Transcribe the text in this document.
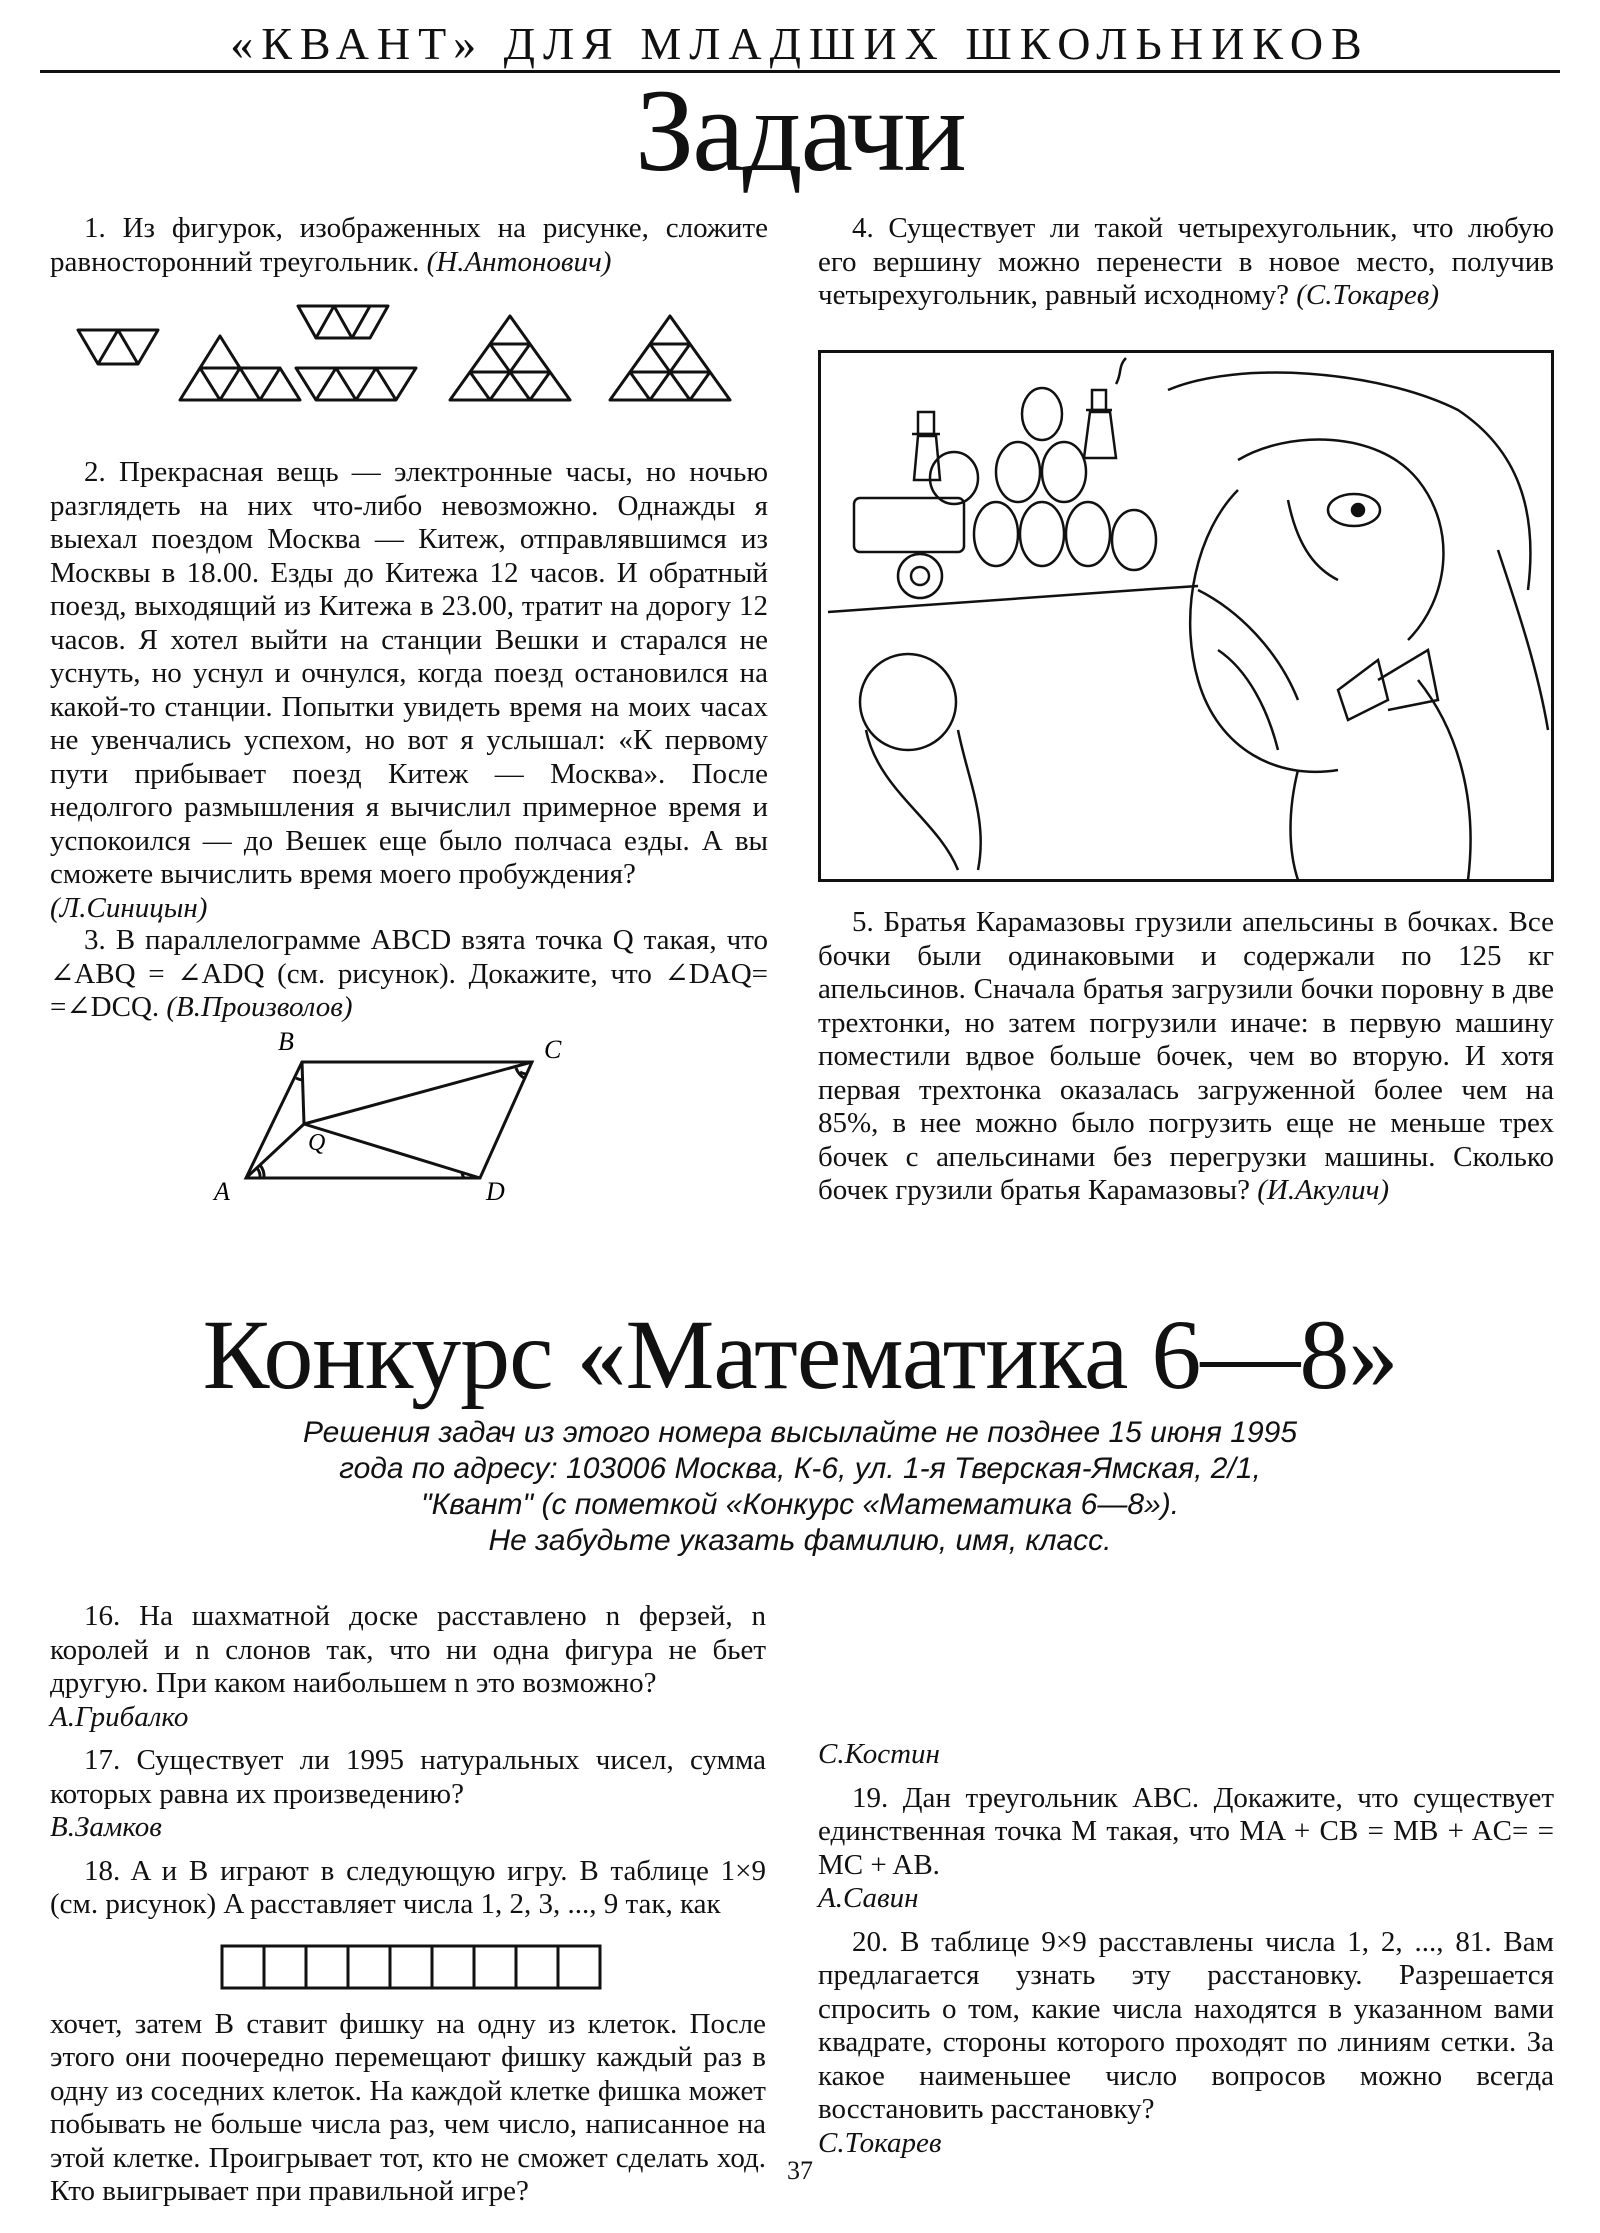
«КВАНТ» ДЛЯ МЛАДШИХ ШКОЛЬНИКОВ
Задачи

1. Из фигурок, изображенных на рисунке, сложите равносторонний треугольник. (Н.Антонович)

2. Прекрасная вещь — электронные часы, но ночью разглядеть на них что-либо невозможно. Однажды я выехал поездом Москва — Китеж, отправлявшимся из Москвы в 18.00. Езды до Китежа 12 часов. И обратный поезд, выходящий из Китежа в 23.00, тратит на дорогу 12 часов. Я хотел выйти на станции Вешки и старался не уснуть, но уснул и очнулся, когда поезд остановился на какой-то станции. Попытки увидеть время на моих часах не увенчались успехом, но вот я услышал: «К первому пути прибывает поезд Китеж — Москва». После недолгого размышления я вычислил примерное время и успокоился — до Вешек еще было полчаса езды. А вы сможете вычислить время моего пробуждения?

(Л.Синицын)

3. В параллелограмме ABCD взята точка Q такая, что ∠ABQ = ∠ADQ (см. рисунок). Докажите, что ∠DAQ= =∠DCQ. (В.Произволов)

B	C
A	D
Q

4. Существует ли такой четырехугольник, что любую его вершину можно перенести в новое место, получив четырехугольник, равный исходному? (С.Токарев)

5. Братья Карамазовы грузили апельсины в бочках. Все бочки были одинаковыми и содержали по 125 кг апельсинов. Сначала братья загрузили бочки поровну в две трехтонки, но затем погрузили иначе: в первую машину поместили вдвое больше бочек, чем во вторую. И хотя первая трехтонка оказалась загруженной более чем на 85%, в нее можно было погрузить еще не меньше трех бочек с апельсинами без перегрузки машины. Сколько бочек грузили братья Карамазовы? (И.Акулич)

Конкурс «Математика 6—8»
Решения задач из этого номера высылайте не позднее 15 июня 1995
года по адресу: 103006 Москва, К-6, ул. 1-я Тверская-Ямская, 2/1,
"Квант" (с пометкой «Конкурс «Математика 6—8»).
Не забудьте указать фамилию, имя, класс.

16. На шахматной доске расставлено n ферзей, n королей и n слонов так, что ни одна фигура не бьет другую. При каком наибольшем n это возможно?

А.Грибалко

17. Существует ли 1995 натуральных чисел, сумма которых равна их произведению?

В.Замков

18. A и B играют в следующую игру. В таблице 1×9 (см. рисунок) A расставляет числа 1, 2, 3, ..., 9 так, как

хочет, затем B ставит фишку на одну из клеток. После этого они поочередно перемещают фишку каждый раз в одну из соседних клеток. На каждой клетке фишка может побывать не больше числа раз, чем число, написанное на этой клетке. Проигрывает тот, кто не сможет сделать ход. Кто выигрывает при правильной игре?

С.Костин

19. Дан треугольник ABC. Докажите, что существует единственная точка M такая, что MA + CB = MB + AC= = MC + AB.

А.Савин

20. В таблице 9×9 расставлены числа 1, 2, ..., 81. Вам предлагается узнать эту расстановку. Разрешается спросить о том, какие числа находятся в указанном вами квадрате, стороны которого проходят по линиям сетки. За какое наименьшее число вопросов можно всегда восстановить расстановку?

С.Токарев
37
